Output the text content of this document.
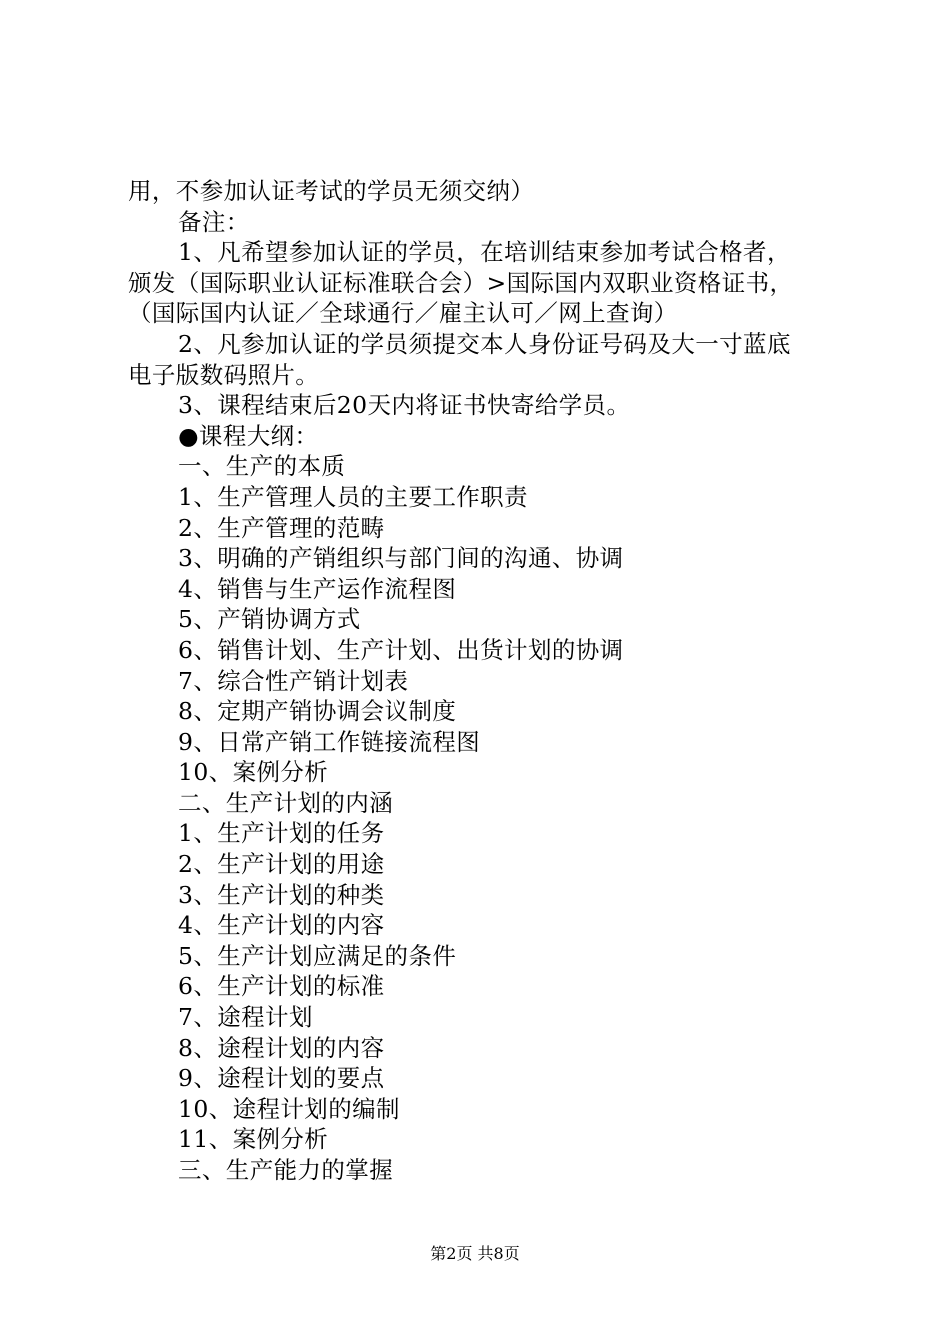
用，不参加认证考试的学员无须交纳）
备注：
1、凡希望参加认证的学员，在培训结束参加考试合格者，
颁发（国际职业认证标准联合会）>国际国内双职业资格证书，
（国际国内认证／全球通行／雇主认可／网上查询）
2、凡参加认证的学员须提交本人身份证号码及大一寸蓝底
电子版数码照片。
3、课程结束后20天内将证书快寄给学员。
●课程大纲：
一、生产的本质
1、生产管理人员的主要工作职责
2、生产管理的范畴
3、明确的产销组织与部门间的沟通、协调
4、销售与生产运作流程图
5、产销协调方式
6、销售计划、生产计划、出货计划的协调
7、综合性产销计划表
8、定期产销协调会议制度
9、日常产销工作链接流程图
10、案例分析
二、生产计划的内涵
1、生产计划的任务
2、生产计划的用途
3、生产计划的种类
4、生产计划的内容
5、生产计划应满足的条件
6、生产计划的标准
7、途程计划
8、途程计划的内容
9、途程计划的要点
10、途程计划的编制
11、案例分析
三、生产能力的掌握
第2页 共8页
